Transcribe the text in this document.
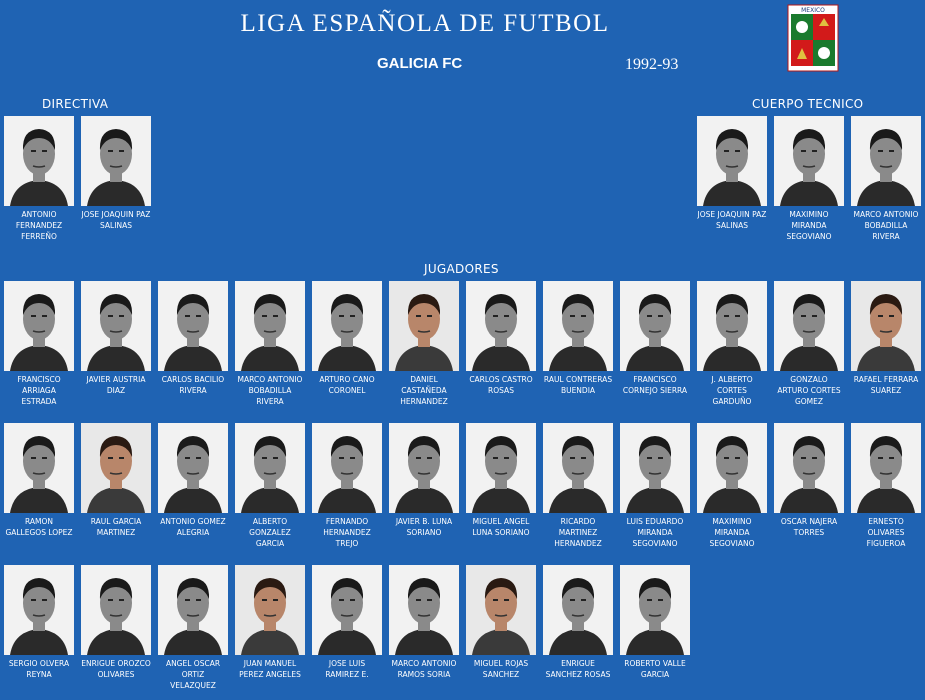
LIGA ESPAÑOLA DE FUTBOL
GALICIA FC	1992-93
MEXICO
DIRECTIVA	CUERPO TECNICO
JUGADORES
ANTONIO FERNANDEZ FERREÑO
JOSE JOAQUIN PAZ SALINAS
JOSE JOAQUIN PAZ SALINAS
MAXIMINO MIRANDA SEGOVIANO
MARCO ANTONIO BOBADILLA RIVERA
FRANCISCO ARRIAGA ESTRADA
JAVIER AUSTRIA DIAZ
CARLOS BACILIO RIVERA
MARCO ANTONIO BOBADILLA RIVERA
ARTURO CANO CORONEL
DANIEL CASTAÑEDA HERNANDEZ
CARLOS CASTRO ROSAS
RAUL CONTRERAS BUENDIA
FRANCISCO CORNEJO SIERRA
J. ALBERTO CORTES GARDUÑO
GONZALO ARTURO CORTES GOMEZ
RAFAEL FERRARA SUAREZ
RAMON GALLEGOS LOPEZ
RAUL GARCIA MARTINEZ
ANTONIO GOMEZ ALEGRIA
ALBERTO GONZALEZ GARCIA
FERNANDO HERNANDEZ TREJO
JAVIER B. LUNA SORIANO
MIGUEL ANGEL LUNA SORIANO
RICARDO MARTINEZ HERNANDEZ
LUIS EDUARDO MIRANDA SEGOVIANO
MAXIMINO MIRANDA SEGOVIANO
OSCAR NAJERA TORRES
ERNESTO OLIVARES FIGUEROA
SERGIO OLVERA REYNA
ENRIGUE OROZCO OLIVARES
ANGEL OSCAR ORTIZ VELAZQUEZ
JUAN MANUEL PEREZ ANGELES
JOSE LUIS RAMIREZ E.
MARCO ANTONIO RAMOS SORIA
MIGUEL ROJAS SANCHEZ
ENRIGUE SANCHEZ ROSAS
ROBERTO VALLE GARCIA
